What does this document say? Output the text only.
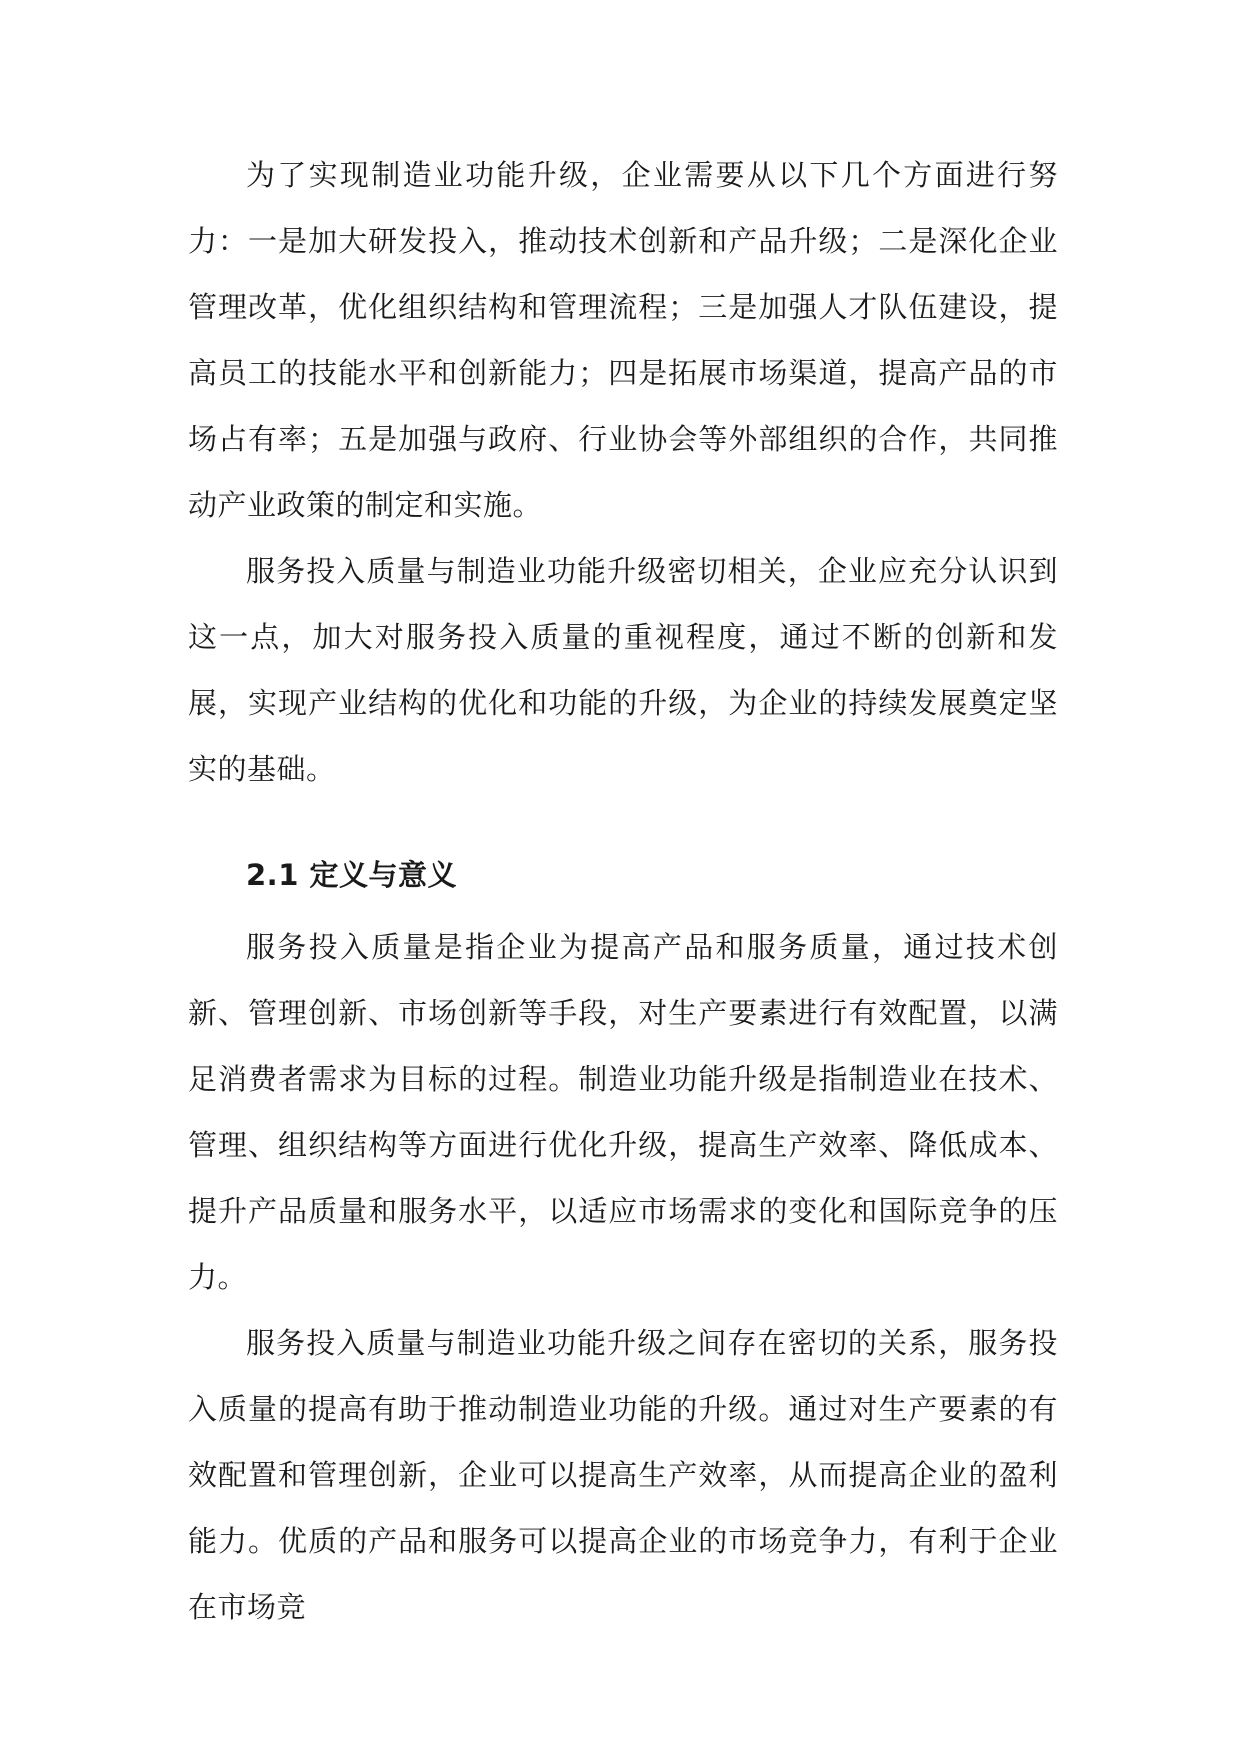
为了实现制造业功能升级，企业需要从以下几个方面进行努力：一是加大研发投入，推动技术创新和产品升级；二是深化企业管理改革，优化组织结构和管理流程；三是加强人才队伍建设，提高员工的技能水平和创新能力；四是拓展市场渠道，提高产品的市场占有率；五是加强与政府、行业协会等外部组织的合作，共同推动产业政策的制定和实施。

服务投入质量与制造业功能升级密切相关，企业应充分认识到这一点，加大对服务投入质量的重视程度，通过不断的创新和发展，实现产业结构的优化和功能的升级，为企业的持续发展奠定坚实的基础。

2.1 定义与意义

服务投入质量是指企业为提高产品和服务质量，通过技术创新、管理创新、市场创新等手段，对生产要素进行有效配置，以满足消费者需求为目标的过程。制造业功能升级是指制造业在技术、管理、组织结构等方面进行优化升级，提高生产效率、降低成本、提升产品质量和服务水平，以适应市场需求的变化和国际竞争的压力。

服务投入质量与制造业功能升级之间存在密切的关系，服务投入质量的提高有助于推动制造业功能的升级。通过对生产要素的有效配置和管理创新，企业可以提高生产效率，从而提高企业的盈利能力。优质的产品和服务可以提高企业的市场竞争力，有利于企业在市场竞
